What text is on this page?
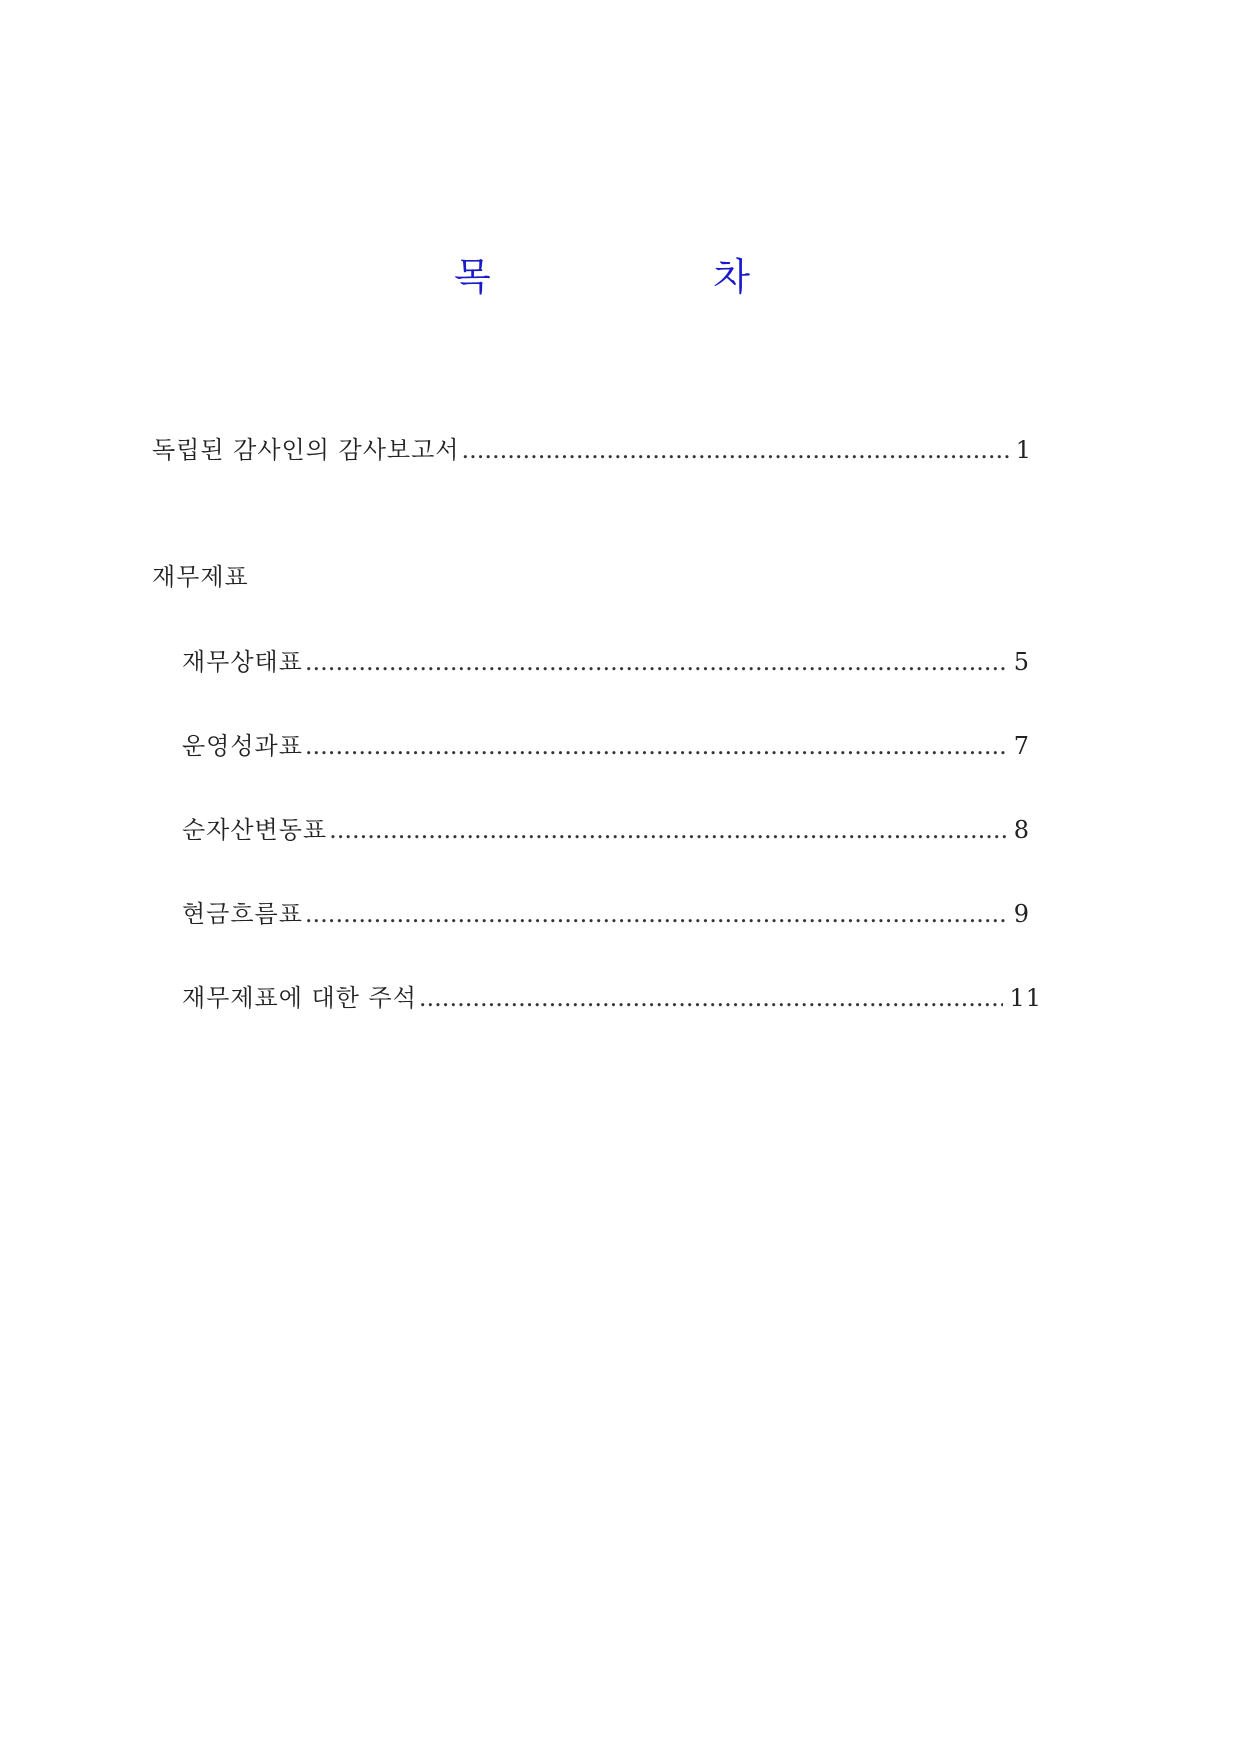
목	차
독립된 감사인의 감사보고서 .....	1
재무제표
재무상태표 .....	5
운영성과표 .....	7
순자산변동표 .....	8
현금흐름표 .....	9
재무제표에 대한 주석 .....	11
